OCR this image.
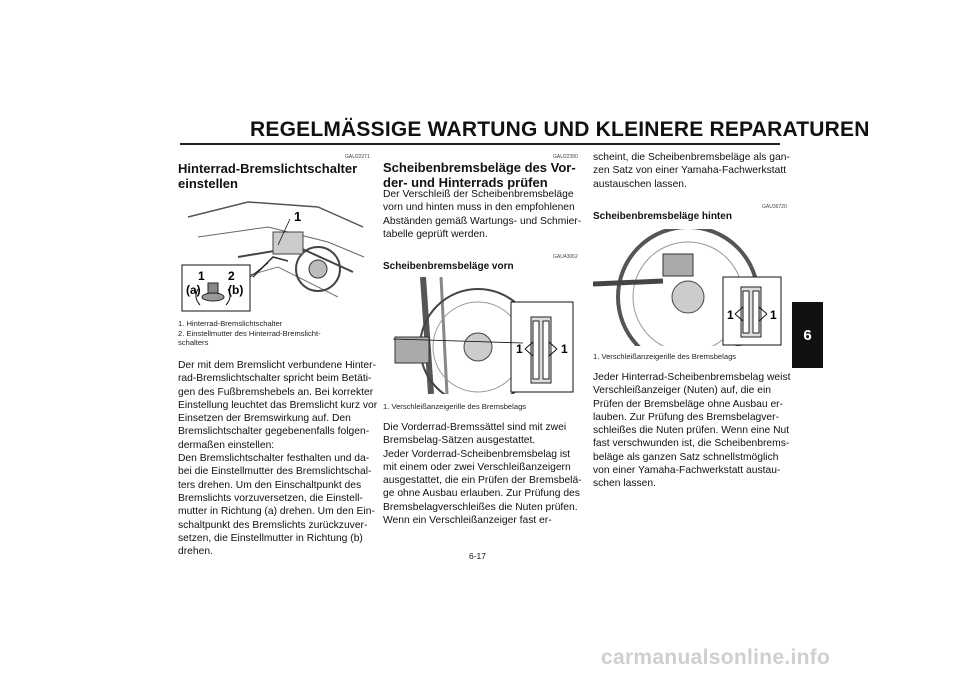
REGELMÄSSIGE WARTUNG UND KLEINERE REPARATUREN
6
GAU22271
Hinterrad-Bremslichtschalter einstellen
1
1 2
(a) (b)
1. Hinterrad-Bremslichtschalter
2. Einstellmutter des Hinterrad-Bremslicht-
schalters
Der mit dem Bremslicht verbundene Hinter-
rad-Bremslichtschalter spricht beim Betäti-
gen des Fußbremshebels an. Bei korrekter
Einstellung leuchtet das Bremslicht kurz vor
Einsetzen der Bremswirkung auf. Den
Bremslichtschalter gegebenenfalls folgen-
dermaßen einstellen:
Den Bremslichtschalter festhalten und da-
bei die Einstellmutter des Bremslichtschal-
ters drehen. Um den Einschaltpunkt des
Bremslichts vorzuversetzen, die Einstell-
mutter in Richtung (a) drehen. Um den Ein-
schaltpunkt des Bremslichts zurückzuver-
setzen, die Einstellmutter in Richtung (b)
drehen.
GAU22390
Scheibenbremsbeläge des Vor-
der- und Hinterrads prüfen
Der Verschleiß der Scheibenbremsbeläge
vorn und hinten muss in den empfohlenen
Abständen gemäß Wartungs- und Schmier-
tabelle geprüft werden.
GAU43062
Scheibenbremsbeläge vorn
1	1
1. Verschleißanzeigerille des Bremsbelags
Die Vorderrad-Bremssättel sind mit zwei
Bremsbelag-Sätzen ausgestattet.
Jeder Vorderrad-Scheibenbremsbelag ist
mit einem oder zwei Verschleißanzeigern
ausgestattet, die ein Prüfen der Bremsbelä-
ge ohne Ausbau erlauben. Zur Prüfung des
Bremsbelagverschleißes die Nuten prüfen.
Wenn ein Verschleißanzeiger fast er-
scheint, die Scheibenbremsbeläge als gan-
zen Satz von einer Yamaha-Fachwerkstatt
austauschen lassen.
GAU36720
Scheibenbremsbeläge hinten
1	1
1. Verschleißanzeigerille des Bremsbelags
Jeder Hinterrad-Scheibenbremsbelag weist
Verschleißanzeiger (Nuten) auf, die ein
Prüfen der Bremsbeläge ohne Ausbau er-
lauben. Zur Prüfung des Bremsbelagver-
schleißes die Nuten prüfen. Wenn eine Nut
fast verschwunden ist, die Scheibenbrems-
beläge als ganzen Satz schnellstmöglich
von einer Yamaha-Fachwerkstatt austau-
schen lassen.
6-17
carmanualsonline.info
